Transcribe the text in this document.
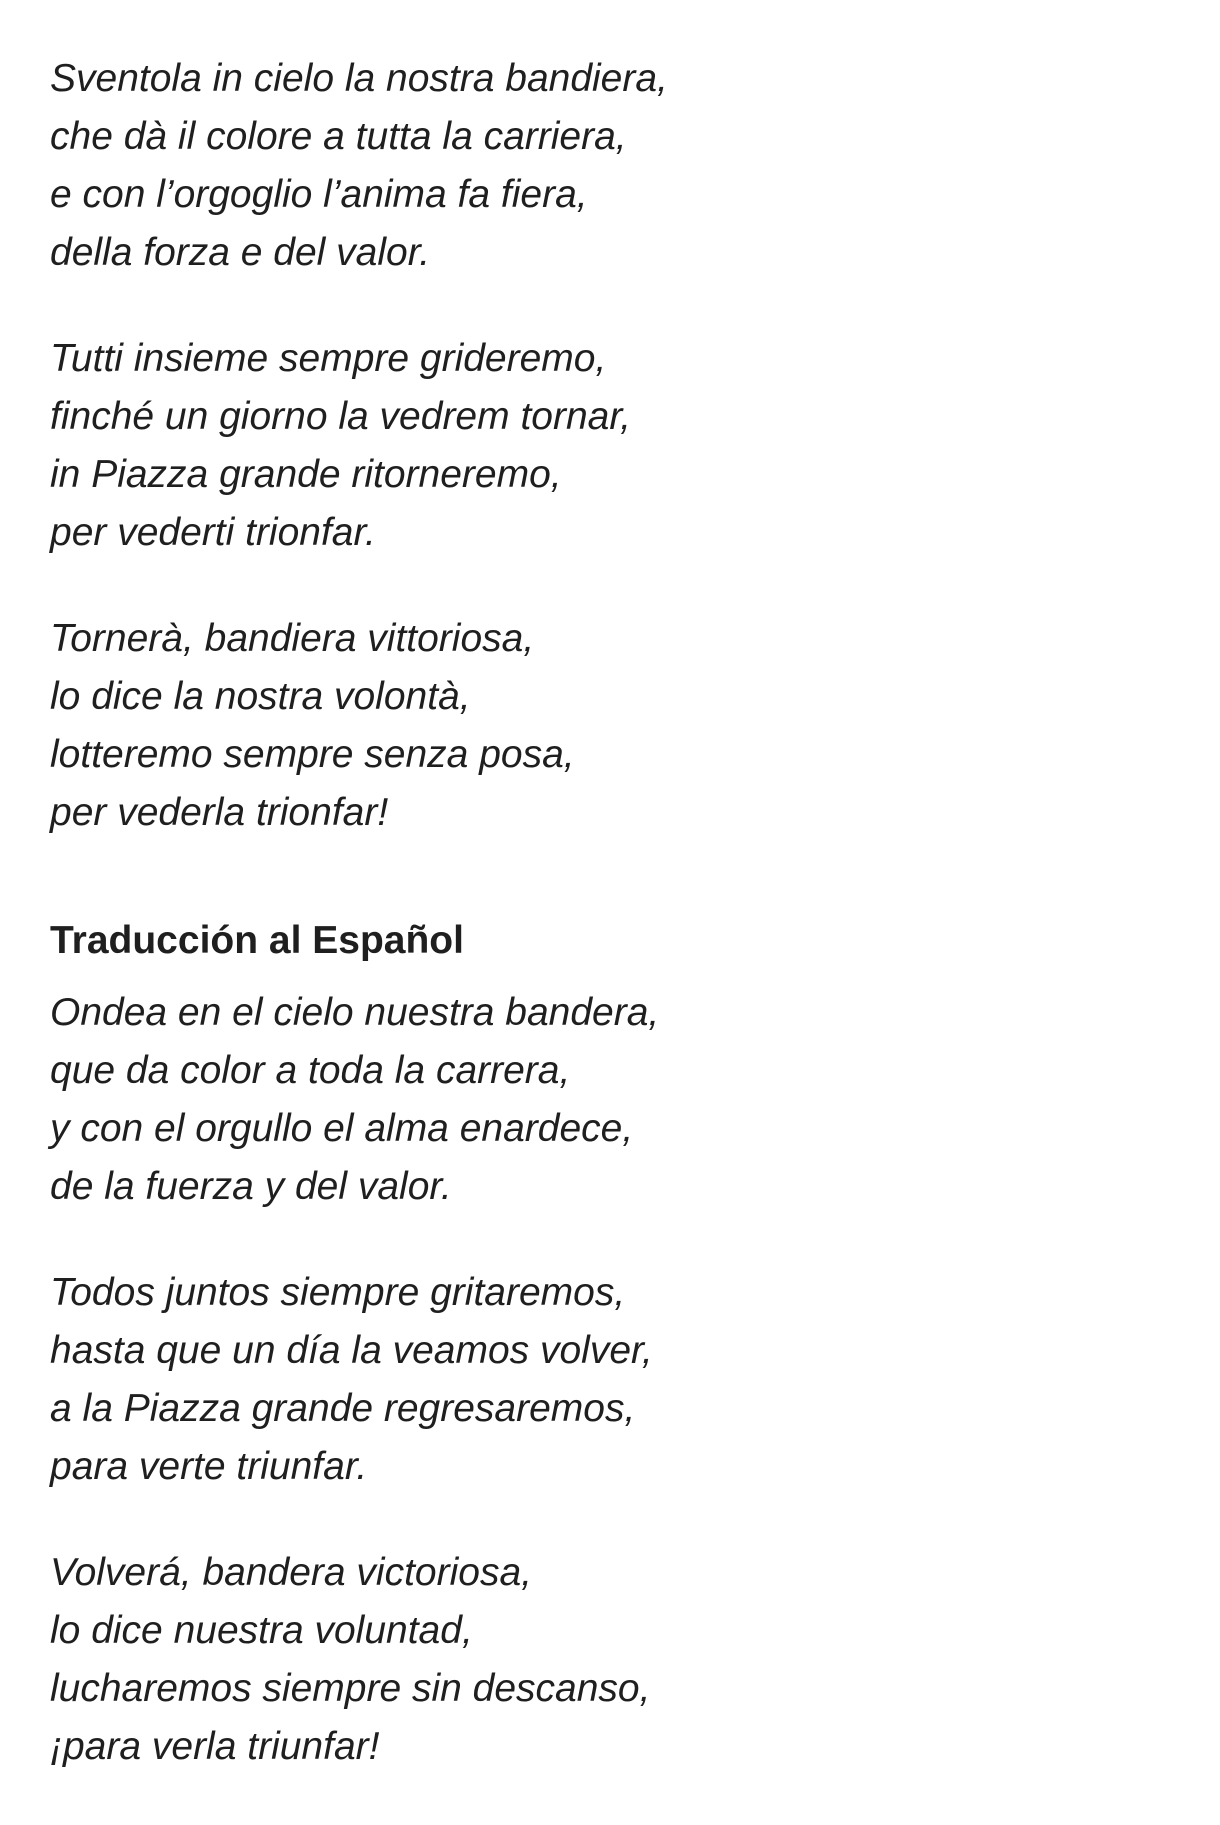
Sventola in cielo la nostra bandiera,
che dà il colore a tutta la carriera,
e con l’orgoglio l’anima fa fiera,
della forza e del valor.
Tutti insieme sempre grideremo,
finché un giorno la vedrem tornar,
in Piazza grande ritorneremo,
per vederti trionfar.
Tornerà, bandiera vittoriosa,
lo dice la nostra volontà,
lotteremo sempre senza posa,
per vederla trionfar!
Traducción al Español
Ondea en el cielo nuestra bandera,
que da color a toda la carrera,
y con el orgullo el alma enardece,
de la fuerza y del valor.
Todos juntos siempre gritaremos,
hasta que un día la veamos volver,
a la Piazza grande regresaremos,
para verte triunfar.
Volverá, bandera victoriosa,
lo dice nuestra voluntad,
lucharemos siempre sin descanso,
¡para verla triunfar!
